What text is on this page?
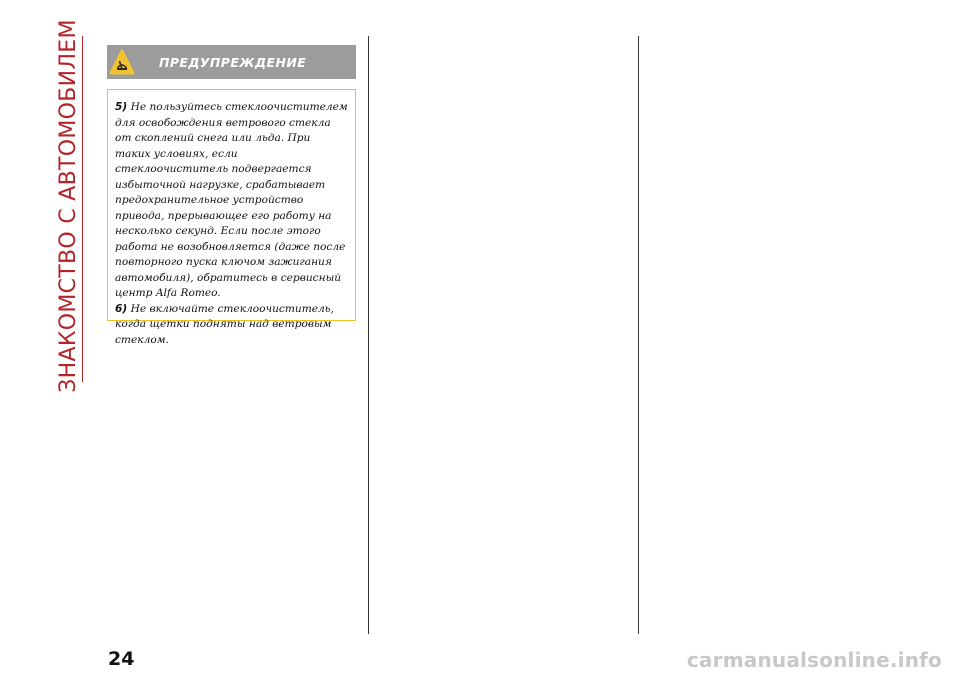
ЗНАКОМСТВО С АВТОМОБИЛЕМ	ПРЕДУПРЕЖДЕНИЕ

5) Не пользуйтесь стеклоочистителем для освобождения ветрового стекла от скоплений снега или льда. При таких условиях, если стеклоочиститель подвергается избыточной нагрузке, срабатывает предохранительное устройство привода, прерывающее его работу на несколько секунд. Если после этого работа не возобновляется (даже после повторного пуска ключом зажигания автомобиля), обратитесь в сервисный центр Alfa Romeo.

6) Не включайте стеклоочиститель, когда щетки подняты над ветровым стеклом.

24	carmanualsonline.info
